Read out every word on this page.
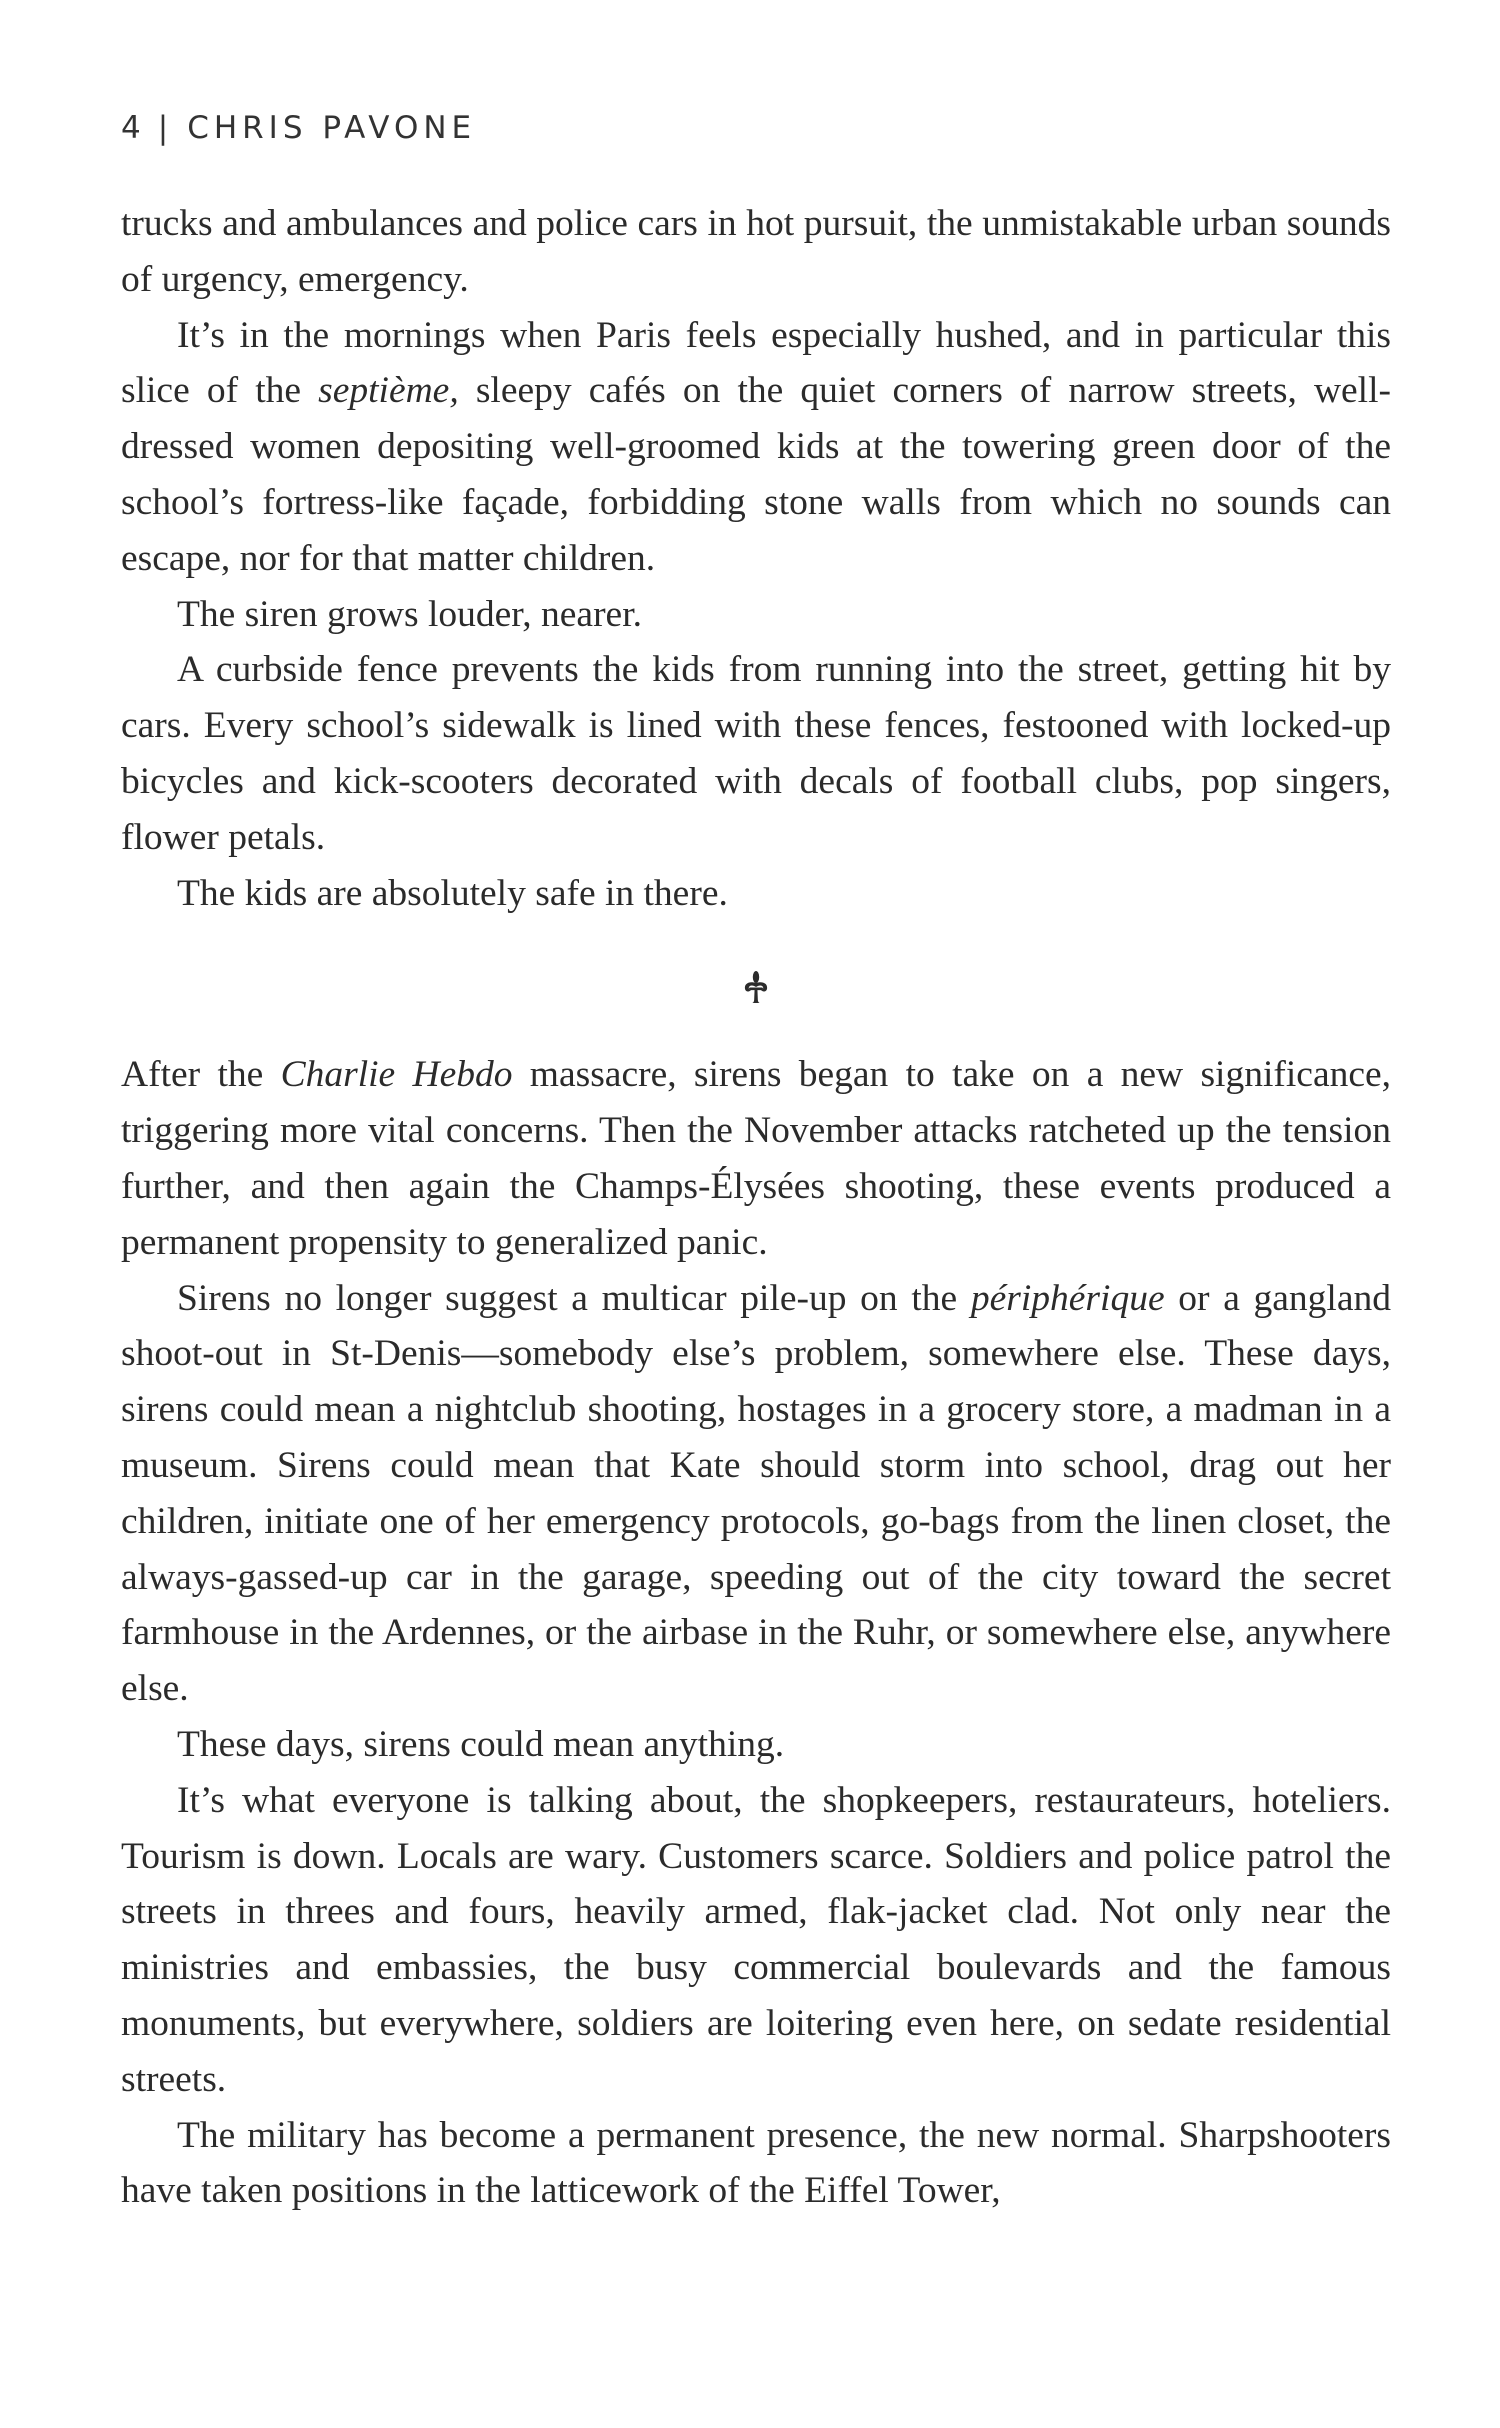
4 | CHRIS PAVONE

trucks and ambulances and police cars in hot pursuit, the unmistakable urban sounds of urgency, emergency.

It’s in the mornings when Paris feels especially hushed, and in particular this slice of the septième, sleepy cafés on the quiet corners of narrow streets, well-dressed women depositing well-groomed kids at the towering green door of the school’s fortress-like façade, forbidding stone walls from which no sounds can escape, nor for that matter children.

The siren grows louder, nearer.

A curbside fence prevents the kids from running into the street, getting hit by cars. Every school’s sidewalk is lined with these fences, festooned with locked-up bicycles and kick-scooters decorated with decals of football clubs, pop singers, flower petals.

The kids are absolutely safe in there.

After the Charlie Hebdo massacre, sirens began to take on a new significance, triggering more vital concerns. Then the November attacks ratcheted up the tension further, and then again the Champs-Élysées shooting, these events produced a permanent propensity to generalized panic.

Sirens no longer suggest a multicar pile-up on the périphérique or a gangland shoot-out in St-Denis—somebody else’s problem, somewhere else. These days, sirens could mean a nightclub shooting, hostages in a grocery store, a madman in a museum. Sirens could mean that Kate should storm into school, drag out her children, initiate one of her emergency protocols, go-bags from the linen closet, the always-gassed-up car in the garage, speeding out of the city toward the secret farmhouse in the Ardennes, or the airbase in the Ruhr, or somewhere else, anywhere else.

These days, sirens could mean anything.

It’s what everyone is talking about, the shopkeepers, restaurateurs, hoteliers. Tourism is down. Locals are wary. Customers scarce. Soldiers and police patrol the streets in threes and fours, heavily armed, flak-jacket clad. Not only near the ministries and embassies, the busy commercial boulevards and the famous monuments, but everywhere, soldiers are loitering even here, on sedate residential streets.

The military has become a permanent presence, the new normal. Sharpshooters have taken positions in the latticework of the Eiffel Tower,
